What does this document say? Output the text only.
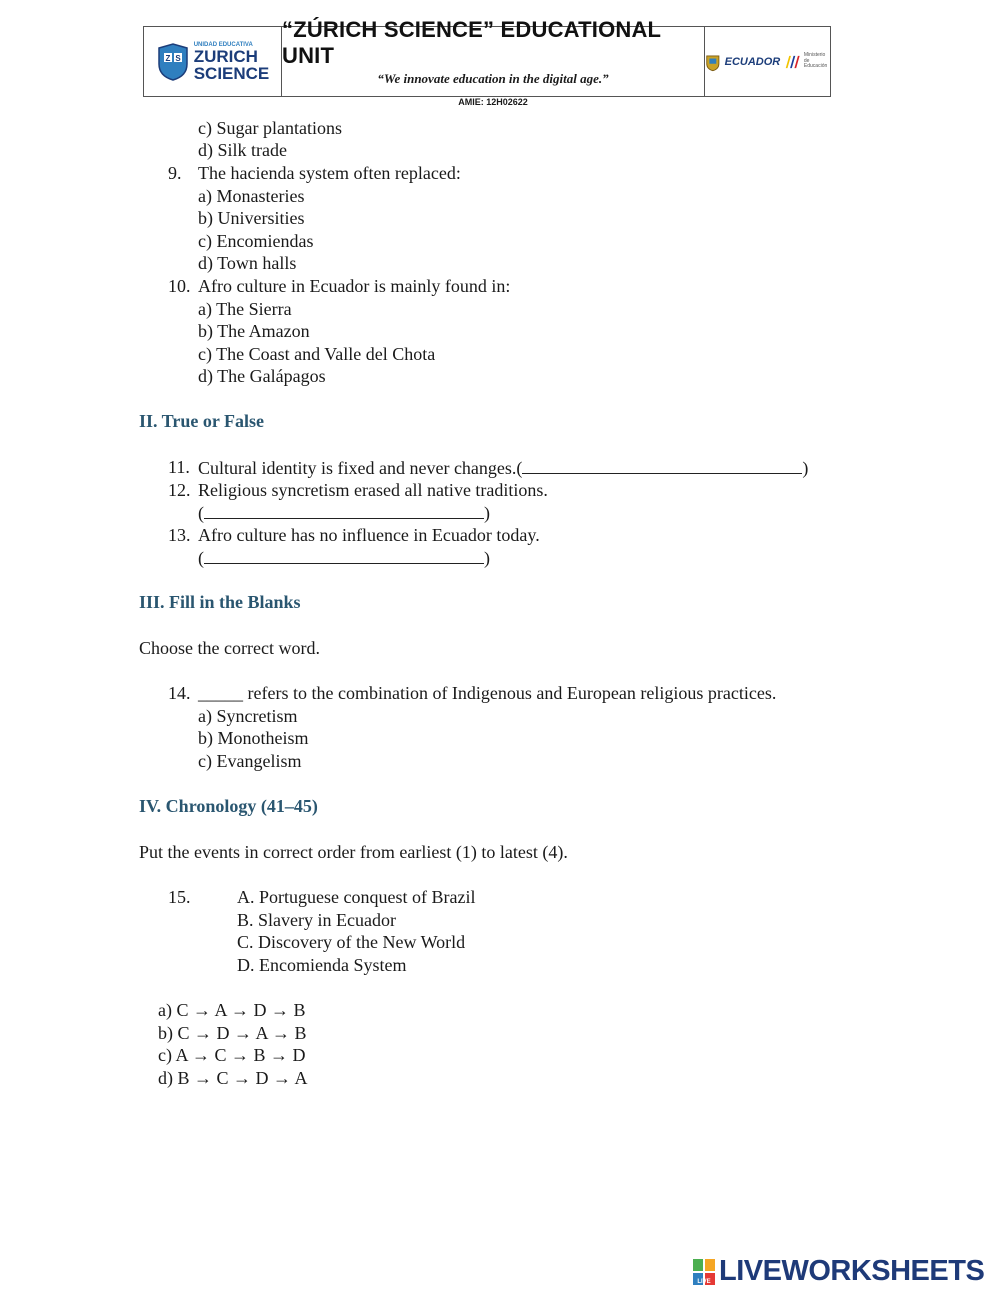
Z S
UNIDAD EDUCATIVA
ZURICH
SCIENCE
“ZÚRICH SCIENCE” EDUCATIONAL UNIT
“We innovate education in the digital age.”
AMIE: 12H02622
ECUADOR
Ministerio de Educación
c) Sugar plantations
d) Silk trade
9. The hacienda system often replaced:
a) Monasteries
b) Universities
c) Encomiendas
d) Town halls
10. Afro culture in Ecuador is mainly found in:
a) The Sierra
b) The Amazon
c) The Coast and Valle del Chota
d) The Galápagos
II. True or False
11. Cultural identity is fixed and never changes.(	)
12. Religious syncretism erased all native traditions.
(	)
13. Afro culture has no influence in Ecuador today.
(	)
III. Fill in the Blanks
Choose the correct word.
14. _____ refers to the combination of Indigenous and European religious practices.
a) Syncretism
b) Monotheism
c) Evangelism
IV. Chronology (41–45)
Put the events in correct order from earliest (1) to latest (4).
15.	A. Portuguese conquest of Brazil
B. Slavery in Ecuador
C. Discovery of the New World
D. Encomienda System
a) C → A → D → B
b) C → D → A → B
c) A → C → B → D
d) B → C → D → A
LIVE LIVEWORKSHEETS
